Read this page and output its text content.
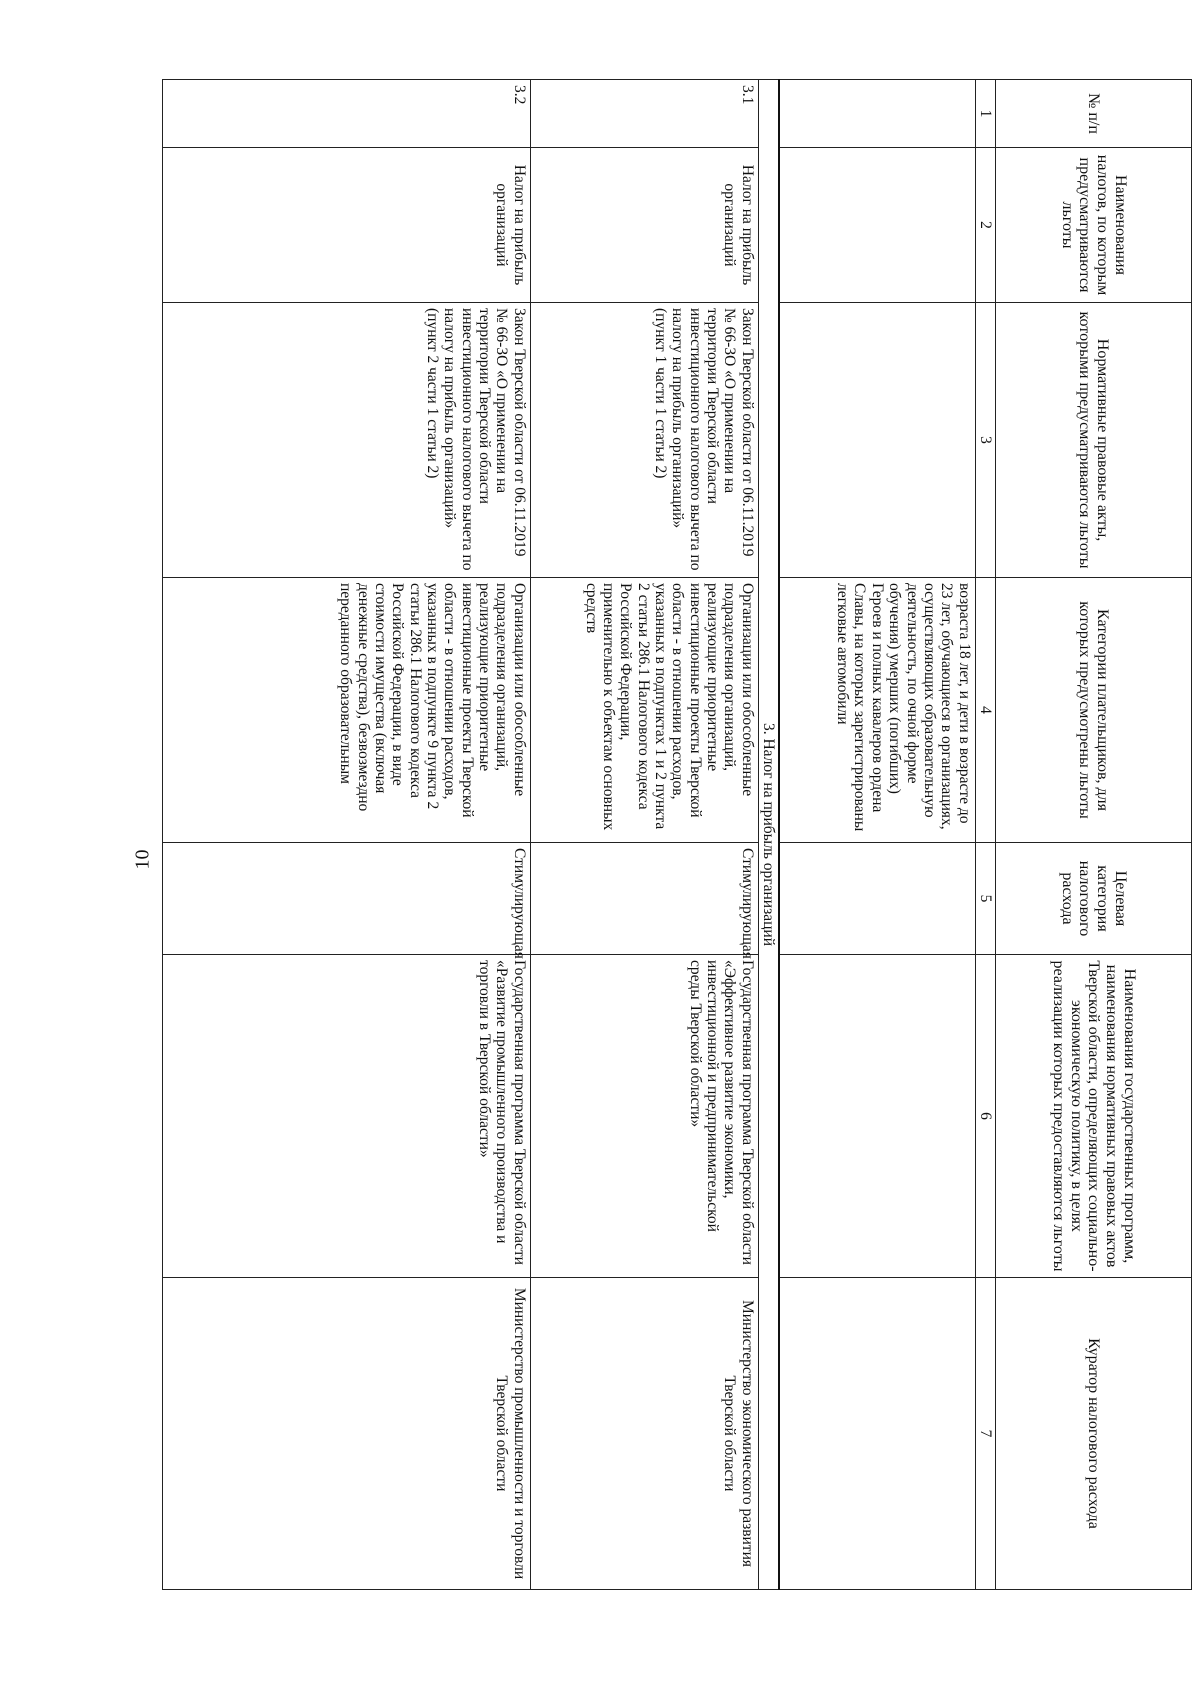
10
№ п/п	Наименования налогов, по которым предусматриваются льготы	Нормативные правовые акты, которыми предусматриваются льготы	Категории плательщиков, для которых предусмотрены льготы	Целевая категория налогового расхода	Наименования государственных программ, наименования нормативных правовых актов Тверской области, определяющих социально-экономическую политику, в целях реализации которых предоставляются льготы	Куратор налогового расхода
1	2	3	4	5	6	7
			возраста 18 лет, и дети в возрасте до 23 лет, обучающиеся в организациях, осуществляющих образовательную деятельность, по очной форме обучения) умерших (погибших) Героев и полных кавалеров ордена Славы, на которых зарегистрированы легковые автомобили			
3. Налог на прибыль организаций						
3.1	Налог на прибыль организаций	Закон Тверской области от 06.11.2019 № 66-ЗО «О применении на территории Тверской области инвестиционного налогового вычета по налогу на прибыль организаций» (пункт 1 части 1 статьи 2)	Организации или обособленные подразделения организаций, реализующие приоритетные инвестиционные проекты Тверской области - в отношении расходов, указанных в подпунктах 1 и 2 пункта 2 статьи 286.1 Налогового кодекса Российской Федерации, применительно к объектам основных средств	Стимулирующая	Государственная программа Тверской области «Эффективное развитие экономики, инвестиционной и предпринимательской среды Тверской области»	Министерство экономического развития Тверской области
3.2	Налог на прибыль организаций	Закон Тверской области от 06.11.2019 № 66-ЗО «О применении на территории Тверской области инвестиционного налогового вычета по налогу на прибыль организаций» (пункт 2 части 1 статьи 2)	Организации или обособленные подразделения организаций, реализующие приоритетные инвестиционные проекты Тверской области - в отношении расходов, указанных в подпункте 9 пункта 2 статьи 286.1 Налогового кодекса Российской Федерации, в виде стоимости имущества (включая денежные средства), безвозмездно переданного образовательным	Стимулирующая	Государственная программа Тверской области «Развитие промышленного производства и торговли в Тверской области»	Министерство промышленности и торговли Тверской области
